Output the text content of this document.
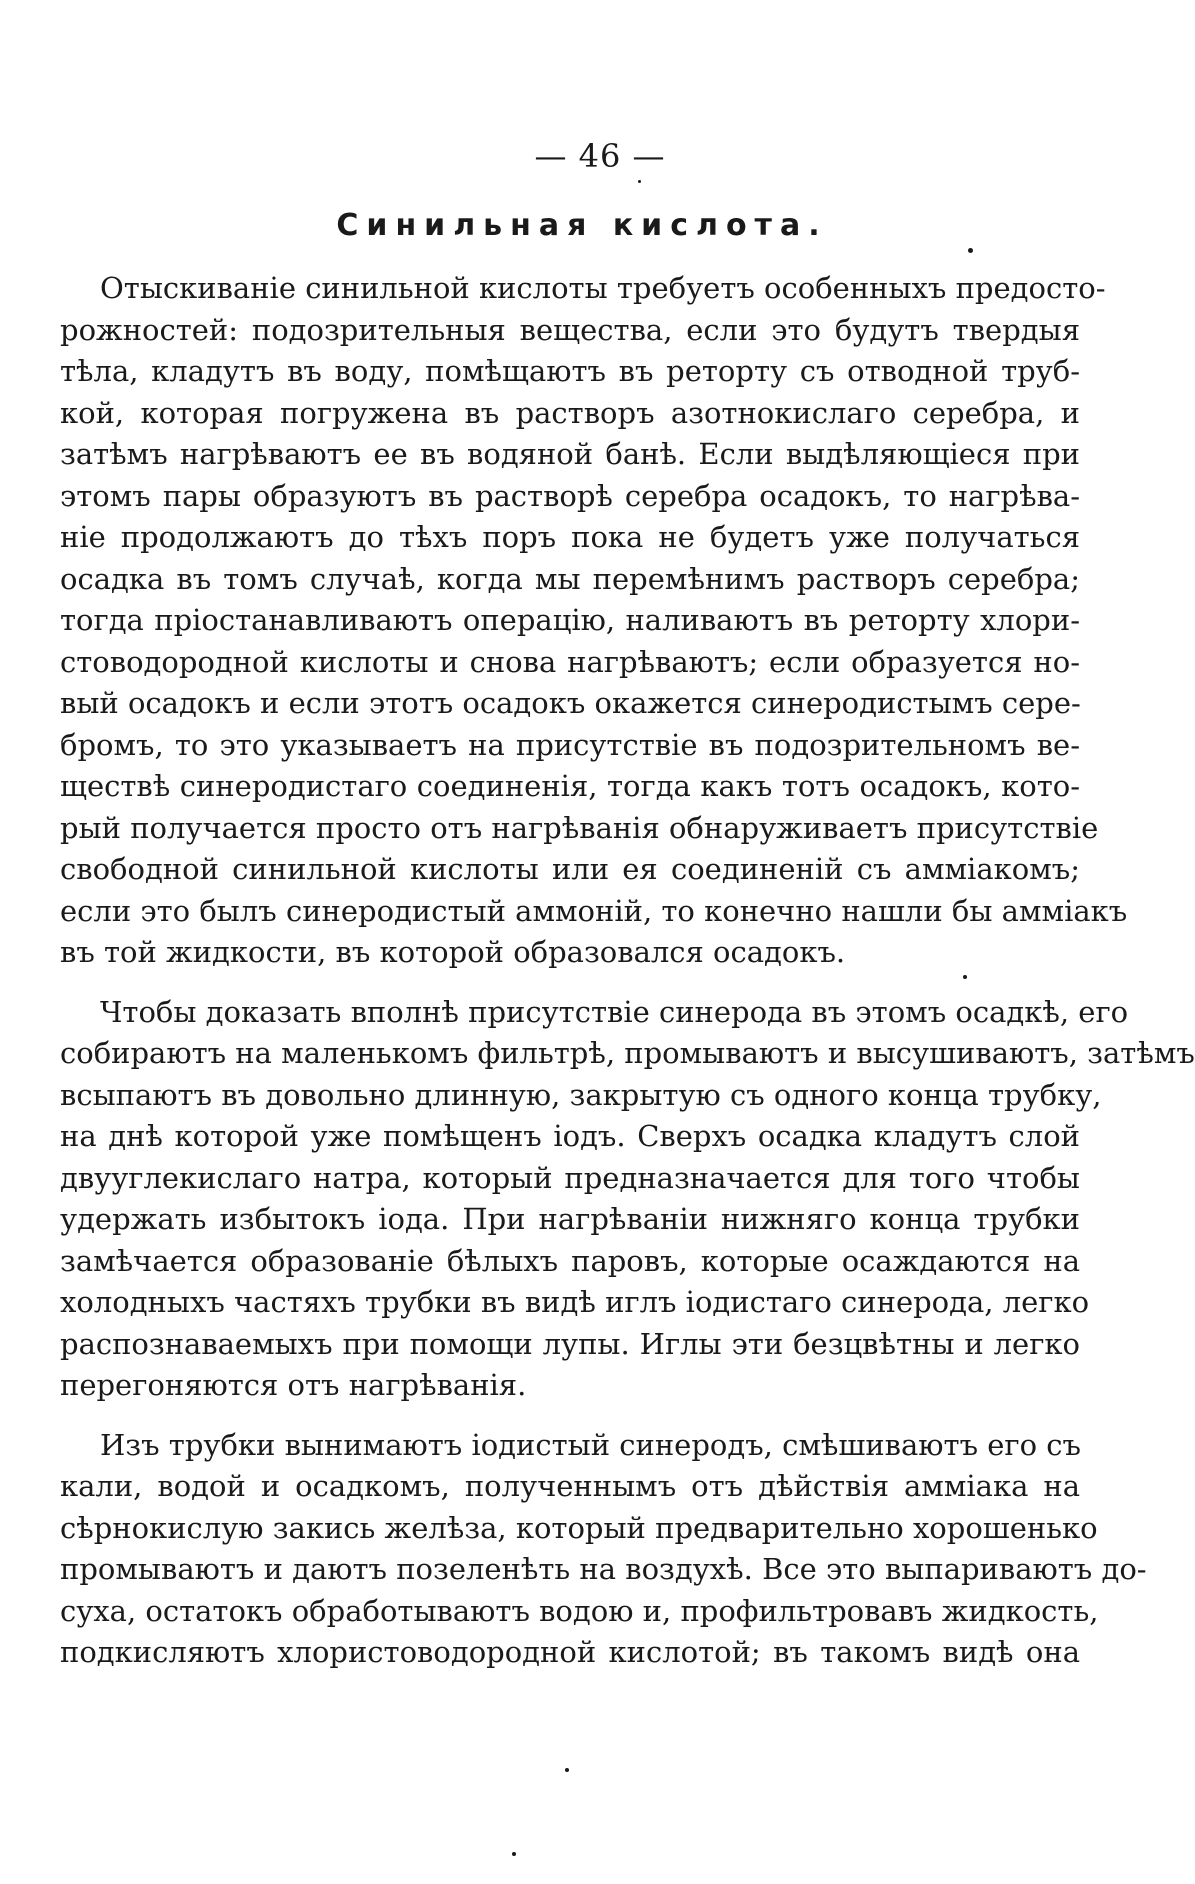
— 46 —
Синильная кислота.

Отыскиваніе синильной кислоты требуетъ особенныхъ предосто-
рожностей: подозрительныя вещества, если это будутъ твердыя
тѣла, кладутъ въ воду, помѣщаютъ въ реторту съ отводной труб-
кой, которая погружена въ растворъ азотнокислаго серебра, и
затѣмъ нагрѣваютъ ее въ водяной банѣ. Если выдѣляющіеся при
этомъ пары образуютъ въ растворѣ серебра осадокъ, то нагрѣва-
ніе продолжаютъ до тѣхъ поръ пока не будетъ уже получаться
осадка въ томъ случаѣ, когда мы перемѣнимъ растворъ серебра;
тогда пріостанавливаютъ операцію, наливаютъ въ реторту хлори-
стоводородной кислоты и снова нагрѣваютъ; если образуется но-
вый осадокъ и если этотъ осадокъ окажется синеродистымъ сере-
бромъ, то это указываетъ на присутствіе въ подозрительномъ ве-
ществѣ синеродистаго соединенія, тогда какъ тотъ осадокъ, кото-
рый получается просто отъ нагрѣванія обнаруживаетъ присутствіе
свободной синильной кислоты или ея соединеній съ амміакомъ;
если это былъ синеродистый аммоній, то конечно нашли бы амміакъ
въ той жидкости, въ которой образовался осадокъ.

Чтобы доказать вполнѣ присутствіе синерода въ этомъ осадкѣ, его
собираютъ на маленькомъ фильтрѣ, промываютъ и высушиваютъ, затѣмъ
всыпаютъ въ довольно длинную, закрытую съ одного конца трубку,
на днѣ которой уже помѣщенъ іодъ. Сверхъ осадка кладутъ слой
двууглекислаго натра, который предназначается для того чтобы
удержать избытокъ іода. При нагрѣваніи нижняго конца трубки
замѣчается образованіе бѣлыхъ паровъ, которые осаждаются на
холодныхъ частяхъ трубки въ видѣ иглъ іодистаго синерода, легко
распознаваемыхъ при помощи лупы. Иглы эти безцвѣтны и легко
перегоняются отъ нагрѣванія.

Изъ трубки вынимаютъ іодистый синеродъ, смѣшиваютъ его съ
кали, водой и осадкомъ, полученнымъ отъ дѣйствія амміака на
сѣрнокислую закись желѣза, который предварительно хорошенько
промываютъ и даютъ позеленѣть на воздухѣ. Все это выпариваютъ до-
суха, остатокъ обработываютъ водою и, профильтровавъ жидкость,
подкисляютъ хлористоводородной кислотой; въ такомъ видѣ она
